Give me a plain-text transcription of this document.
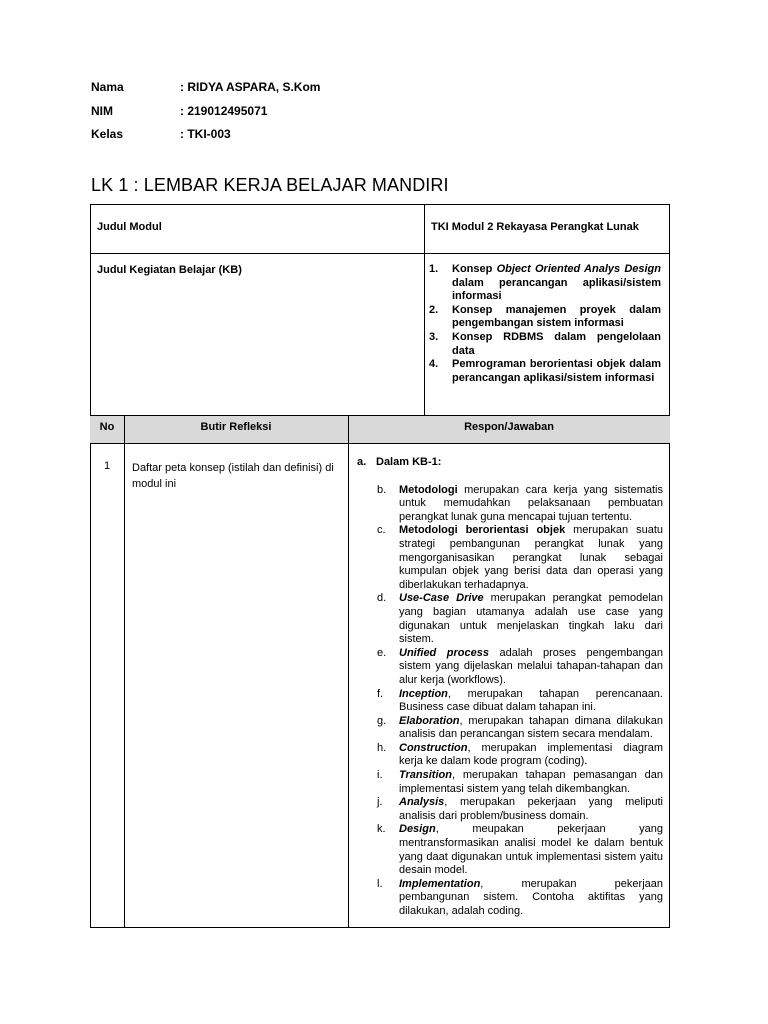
Nama	: RIDYA ASPARA, S.Kom
NIM	: 219012495071
Kelas	: TKI-003
LK 1 : LEMBAR KERJA BELAJAR MANDIRI
Judul Modul	TKI Modul 2 Rekayasa Perangkat Lunak
Judul Kegiatan Belajar (KB)	1.	Konsep Object Oriented Analys Design dalam perancangan aplikasi/sistem informasi
2.	Konsep manajemen proyek dalam pengembangan sistem informasi
3.	Konsep RDBMS dalam pengelolaan data
4.	Pemrograman berorientasi objek dalam perancangan aplikasi/sistem informasi
No	Butir Refleksi	Respon/Jawaban
1	Daftar peta konsep (istilah dan definisi) di modul ini
a. Dalam KB-1:
b.	Metodologi merupakan cara kerja yang sistematis untuk memudahkan pelaksanaan pembuatan perangkat lunak guna mencapai tujuan tertentu.
c.	Metodologi berorientasi objek merupakan suatu strategi pembangunan perangkat lunak yang mengorganisasikan perangkat lunak sebagai kumpulan objek yang berisi data dan operasi yang diberlakukan terhadapnya.
d.	Use-Case Drive merupakan perangkat pemodelan yang bagian utamanya adalah use case yang digunakan untuk menjelaskan tingkah laku dari sistem.
e.	Unified process adalah proses pengembangan sistem yang dijelaskan melalui tahapan-tahapan dan alur kerja (workflows).
f.	Inception, merupakan tahapan perencanaan. Business case dibuat dalam tahapan ini.
g.	Elaboration, merupakan tahapan dimana dilakukan analisis dan perancangan sistem secara mendalam.
h.	Construction, merupakan implementasi diagram kerja ke dalam kode program (coding).
i.	Transition, merupakan tahapan pemasangan dan implementasi sistem yang telah dikembangkan.
j.	Analysis, merupakan pekerjaan yang meliputi analisis dari problem/business domain.
k.	Design, meupakan pekerjaan yang mentransformasikan analisi model ke dalam bentuk yang daat digunakan untuk implementasi sistem yaitu desain model.
l.	Implementation, merupakan pekerjaan pembangunan sistem. Contoha aktifitas yang dilakukan, adalah coding.
